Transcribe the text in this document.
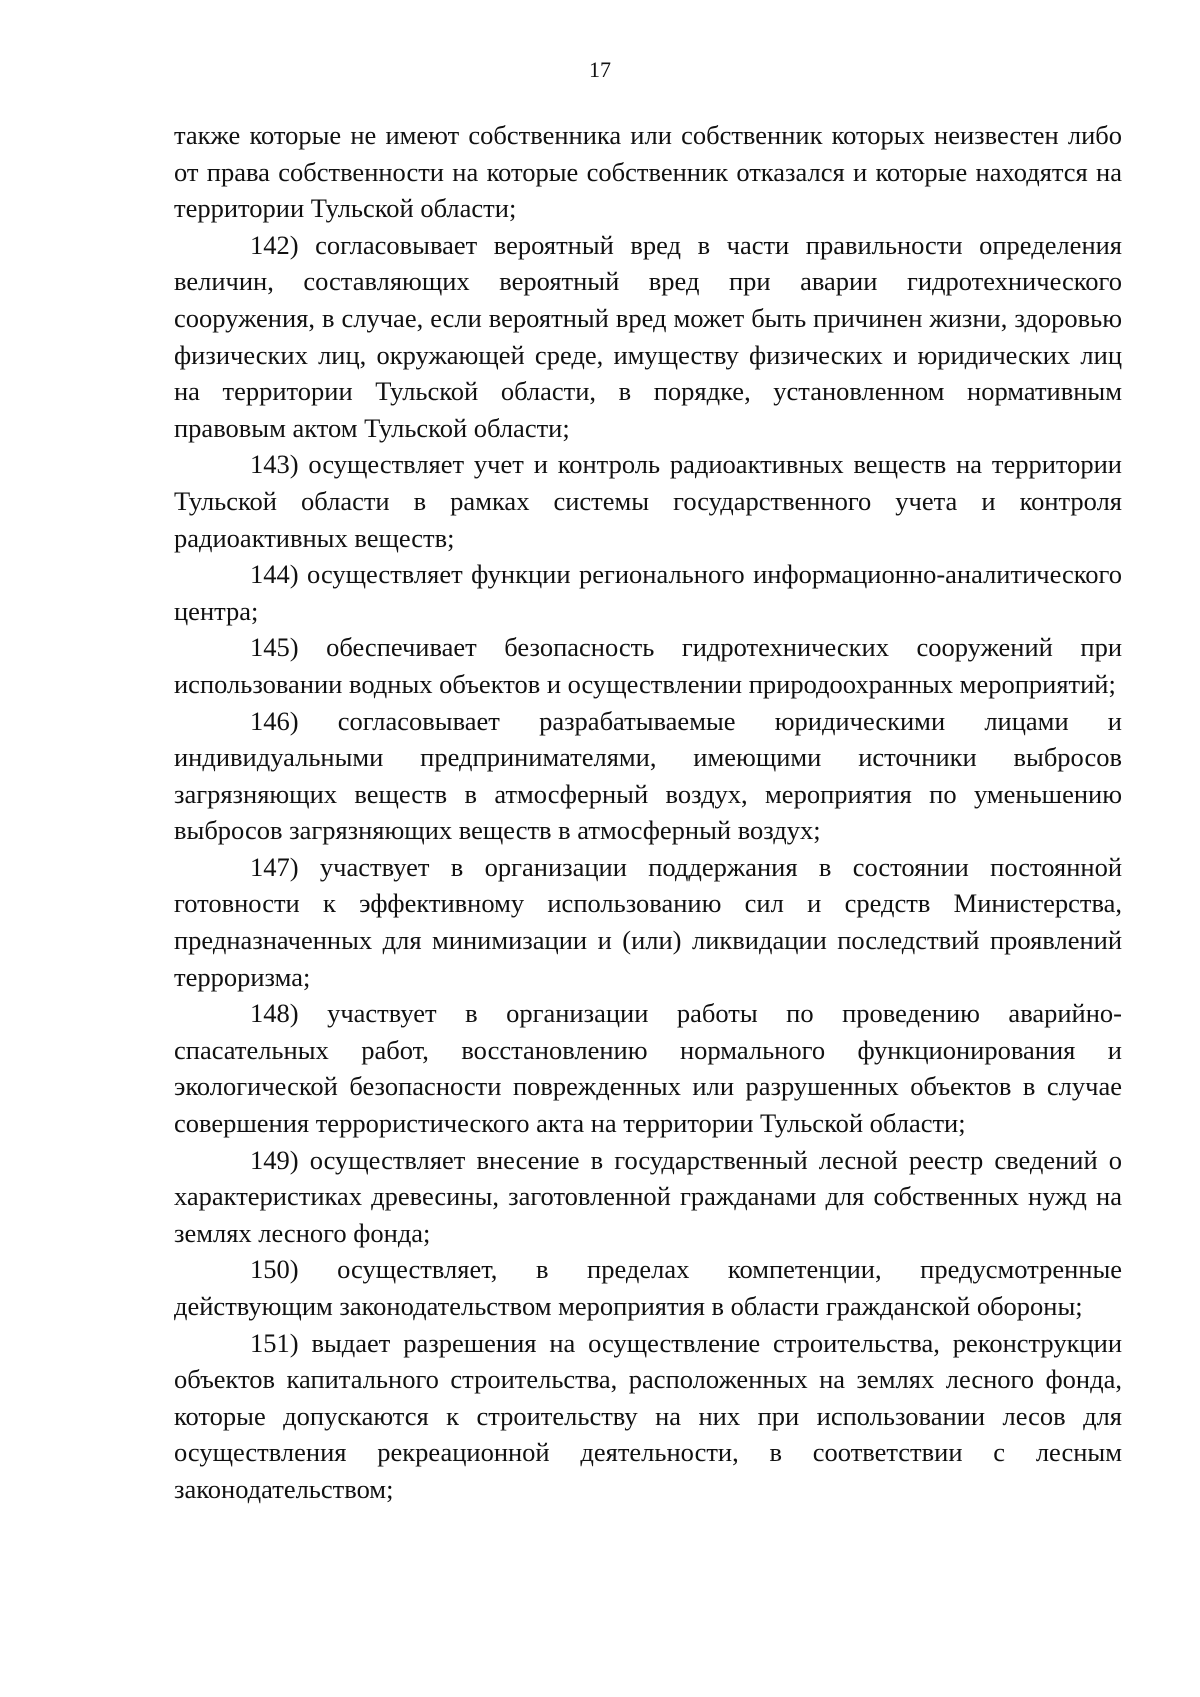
17

также которые не имеют собственника или собственник которых неизвестен либо от права собственности на которые собственник отказался и которые находятся на территории Тульской области;

142) согласовывает вероятный вред в части правильности определения величин, составляющих вероятный вред при аварии гидротехнического сооружения, в случае, если вероятный вред может быть причинен жизни, здоровью физических лиц, окружающей среде, имуществу физических и юридических лиц на территории Тульской области, в порядке, установленном нормативным правовым актом Тульской области;

143) осуществляет учет и контроль радиоактивных веществ на территории Тульской области в рамках системы государственного учета и контроля радиоактивных веществ;

144) осуществляет функции регионального информационно-аналитического центра;

145) обеспечивает безопасность гидротехнических сооружений при использовании водных объектов и осуществлении природоохранных мероприятий;

146) согласовывает разрабатываемые юридическими лицами и индивидуальными предпринимателями, имеющими источники выбросов загрязняющих веществ в атмосферный воздух, мероприятия по уменьшению выбросов загрязняющих веществ в атмосферный воздух;

147) участвует в организации поддержания в состоянии постоянной готовности к эффективному использованию сил и средств Министерства, предназначенных для минимизации и (или) ликвидации последствий проявлений терроризма;

148) участвует в организации работы по проведению аварийно-спасательных работ, восстановлению нормального функционирования и экологической безопасности поврежденных или разрушенных объектов в случае совершения террористического акта на территории Тульской области;

149) осуществляет внесение в государственный лесной реестр сведений о характеристиках древесины, заготовленной гражданами для собственных нужд на землях лесного фонда;

150) осуществляет, в пределах компетенции, предусмотренные действующим законодательством мероприятия в области гражданской обороны;

151) выдает разрешения на осуществление строительства, реконструкции объектов капитального строительства, расположенных на землях лесного фонда, которые допускаются к строительству на них при использовании лесов для осуществления рекреационной деятельности, в соответствии с лесным законодательством;
